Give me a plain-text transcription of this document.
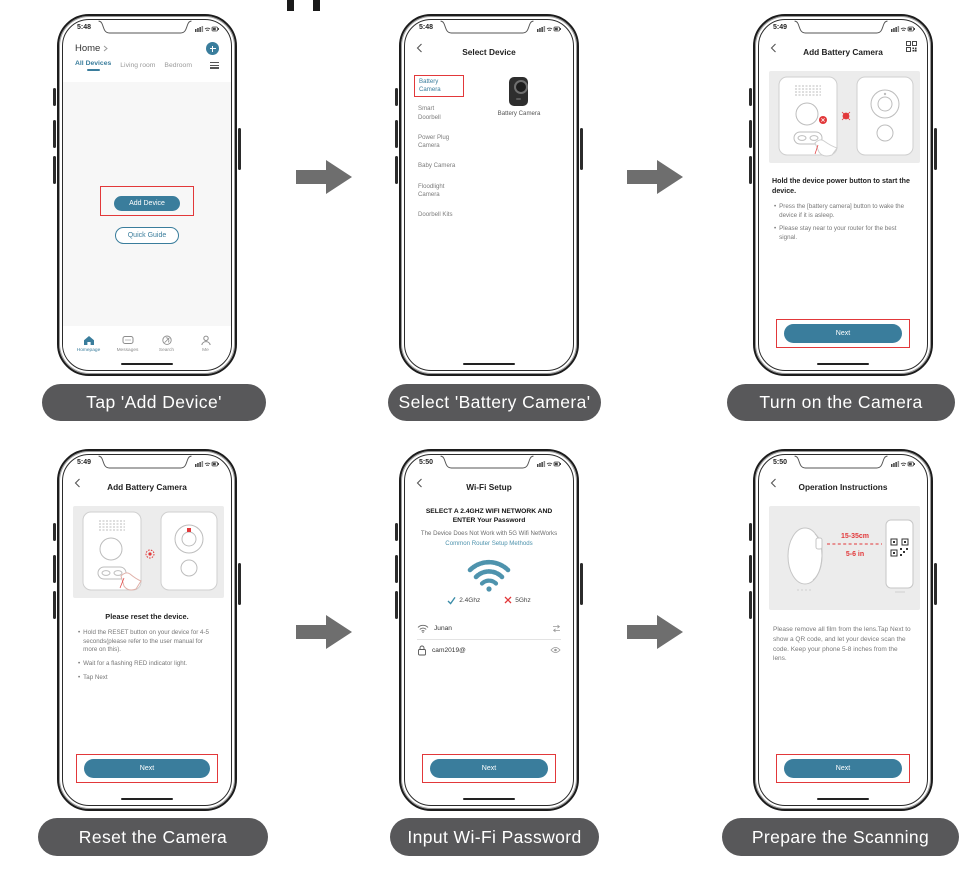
5:48
Home
All Devices Living room Bedroom
Add Device
Quick Guide
Homepage	Messages	Search	Me
Tap 'Add Device'
5:48
Select Device
Battery Camera
Smart Doorbell
Power Plug Camera
Baby Camera
Floodlight Camera
Doorbell Kits
Battery Camera
Select 'Battery Camera'
5:49
Add Battery Camera
Hold the device power button to start the device.
• Press the [battery camera] button to wake the device if it is asleep.
• Please stay near to your router for the best signal.
Next
Turn on the Camera
5:49
Add Battery Camera
Please reset the device.
• Hold the RESET button on your device for 4-5 seconds(please refer to the user manual for more on this).
• Wait for a flashing RED indicator light.
• Tap Next
Next
Reset the Camera
5:50
Wi-Fi Setup
SELECT A 2.4GHZ WIFI NETWORK AND ENTER Your Password
The Device Does Not Work with 5G Wifi NetWorks
Common Router Setup Methods
2.4Ghz	5Ghz
Junan
cam2019@
Next
Input Wi-Fi Password
5:50
Operation Instructions
15-35cm
5-6 in
Please remove all film from the lens.Tap Next to show a QR code, and let your device scan the code. Keep your phone 5-8 inches from the lens.
Next
Prepare the Scanning
